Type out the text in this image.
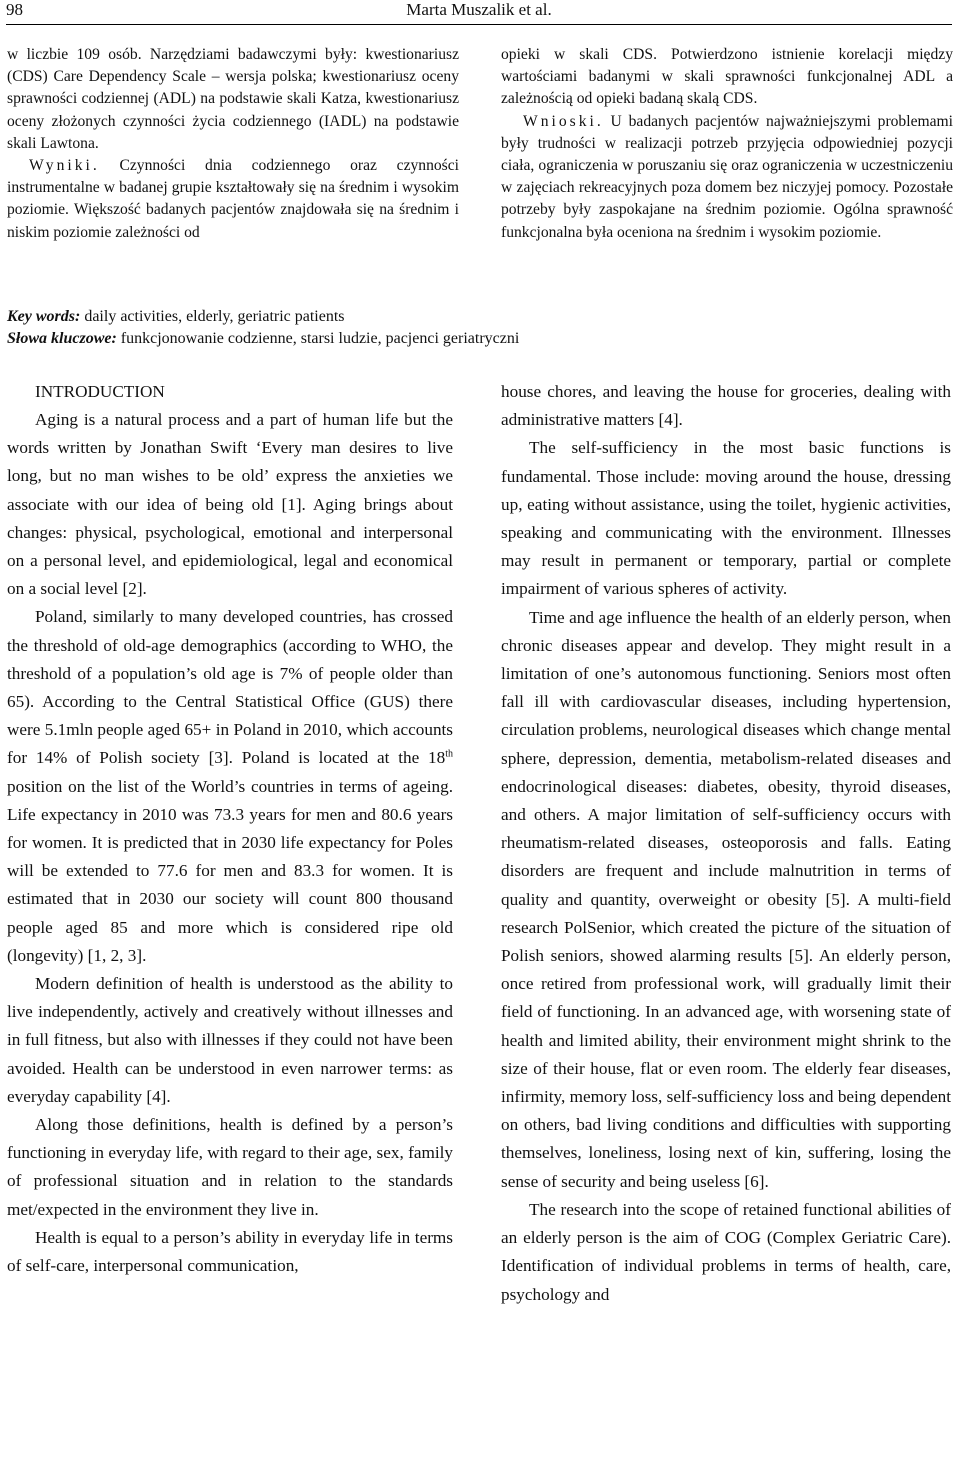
98	Marta Muszalik et al.

w liczbie 109 osób. Narzędziami badawczymi były: kwestionariusz (CDS) Care Dependency Scale – wersja polska; kwestionariusz oceny sprawności codziennej (ADL) na podstawie skali Katza, kwestionariusz oceny złożonych czynności życia codziennego (IADL) na podstawie skali Lawtona.

Wyniki. Czynności dnia codziennego oraz czynności instrumentalne w badanej grupie kształtowały się na średnim i wysokim poziomie. Większość badanych pacjentów znajdowała się na średnim i niskim poziomie zależności od

opieki w skali CDS. Potwierdzono istnienie korelacji między wartościami badanymi w skali sprawności funkcjonalnej ADL a zależnością od opieki badaną skalą CDS.

Wnioski. U badanych pacjentów najważniejszymi problemami były trudności w realizacji potrzeb przyjęcia odpowiedniej pozycji ciała, ograniczenia w poruszaniu się oraz ograniczenia w uczestniczeniu w zajęciach rekreacyjnych poza domem bez niczyjej pomocy. Pozostałe potrzeby były zaspokajane na średnim poziomie. Ogólna sprawność funkcjonalna była oceniona na średnim i wysokim poziomie.

Key words: daily activities, elderly, geriatric patients

Słowa kluczowe: funkcjonowanie codzienne, starsi ludzie, pacjenci geriatryczni

INTRODUCTION

Aging is a natural process and a part of human life but the words written by Jonathan Swift ‘Every man desires to live long, but no man wishes to be old’ express the anxieties we associate with our idea of being old [1]. Aging brings about changes: physical, psychological, emotional and interpersonal on a personal level, and epidemiological, legal and economical on a social level [2].

Poland, similarly to many developed countries, has crossed the threshold of old-age demographics (according to WHO, the threshold of a population’s old age is 7% of people older than 65). According to the Central Statistical Office (GUS) there were 5.1mln people aged 65+ in Poland in 2010, which accounts for 14% of Polish society [3]. Poland is located at the 18th position on the list of the World’s countries in terms of ageing. Life expectancy in 2010 was 73.3 years for men and 80.6 years for women. It is predicted that in 2030 life expectancy for Poles will be extended to 77.6 for men and 83.3 for women. It is estimated that in 2030 our society will count 800 thousand people aged 85 and more which is considered ripe old (longevity) [1, 2, 3].

Modern definition of health is understood as the ability to live independently, actively and creatively without illnesses and in full fitness, but also with illnesses if they could not have been avoided. Health can be understood in even narrower terms: as everyday capability [4].

Along those definitions, health is defined by a person’s functioning in everyday life, with regard to their age, sex, family of professional situation and in relation to the standards met/expected in the environment they live in.

Health is equal to a person’s ability in everyday life in terms of self-care, interpersonal communication,

house chores, and leaving the house for groceries, dealing with administrative matters [4].

The self-sufficiency in the most basic functions is fundamental. Those include: moving around the house, dressing up, eating without assistance, using the toilet, hygienic activities, speaking and communicating with the environment. Illnesses may result in permanent or temporary, partial or complete impairment of various spheres of activity.

Time and age influence the health of an elderly person, when chronic diseases appear and develop. They might result in a limitation of one’s autonomous functioning. Seniors most often fall ill with cardiovascular diseases, including hypertension, circulation problems, neurological diseases which change mental sphere, depression, dementia, metabolism-related diseases and endocrinological diseases: diabetes, obesity, thyroid diseases, and others. A major limitation of self-sufficiency occurs with rheumatism-related diseases, osteoporosis and falls. Eating disorders are frequent and include malnutrition in terms of quality and quantity, overweight or obesity [5]. A multi-field research PolSenior, which created the picture of the situation of Polish seniors, showed alarming results [5]. An elderly person, once retired from professional work, will gradually limit their field of functioning. In an advanced age, with worsening state of health and limited ability, their environment might shrink to the size of their house, flat or even room. The elderly fear diseases, infirmity, memory loss, self-sufficiency loss and being dependent on others, bad living conditions and difficulties with supporting themselves, loneliness, losing next of kin, suffering, losing the sense of security and being useless [6].

The research into the scope of retained functional abilities of an elderly person is the aim of COG (Complex Geriatric Care). Identification of individual problems in terms of health, care, psychology and
